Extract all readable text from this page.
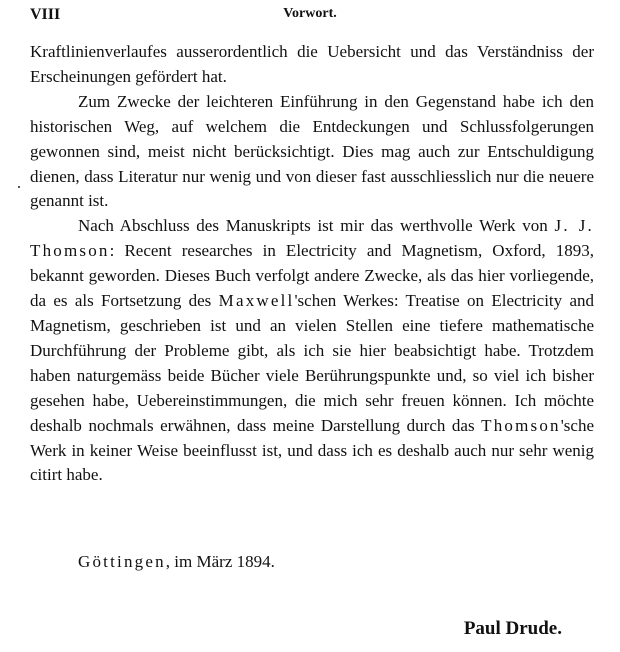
VIII	Vorwort.

Kraftlinienverlaufes ausserordentlich die Uebersicht und das Verständniss der Erscheinungen gefördert hat.

Zum Zwecke der leichteren Einführung in den Gegenstand habe ich den historischen Weg, auf welchem die Entdeckungen und Schlussfolgerungen gewonnen sind, meist nicht berücksichtigt. Dies mag auch zur Entschuldigung dienen, dass Literatur nur wenig und von dieser fast ausschliesslich nur die neuere genannt ist.

Nach Abschluss des Manuskripts ist mir das werthvolle Werk von J. J. Thomson: Recent researches in Electricity and Magnetism, Oxford, 1893, bekannt geworden. Dieses Buch verfolgt andere Zwecke, als das hier vorliegende, da es als Fortsetzung des Maxwell'schen Werkes: Treatise on Electricity and Magnetism, geschrieben ist und an vielen Stellen eine tiefere mathematische Durchführung der Probleme gibt, als ich sie hier beabsichtigt habe. Trotzdem haben naturgemäss beide Bücher viele Berührungspunkte und, so viel ich bisher gesehen habe, Uebereinstimmungen, die mich sehr freuen können. Ich möchte deshalb nochmals erwähnen, dass meine Darstellung durch das Thomson'sche Werk in keiner Weise beeinflusst ist, und dass ich es deshalb auch nur sehr wenig citirt habe.

Göttingen, im März 1894.
Paul Drude.
